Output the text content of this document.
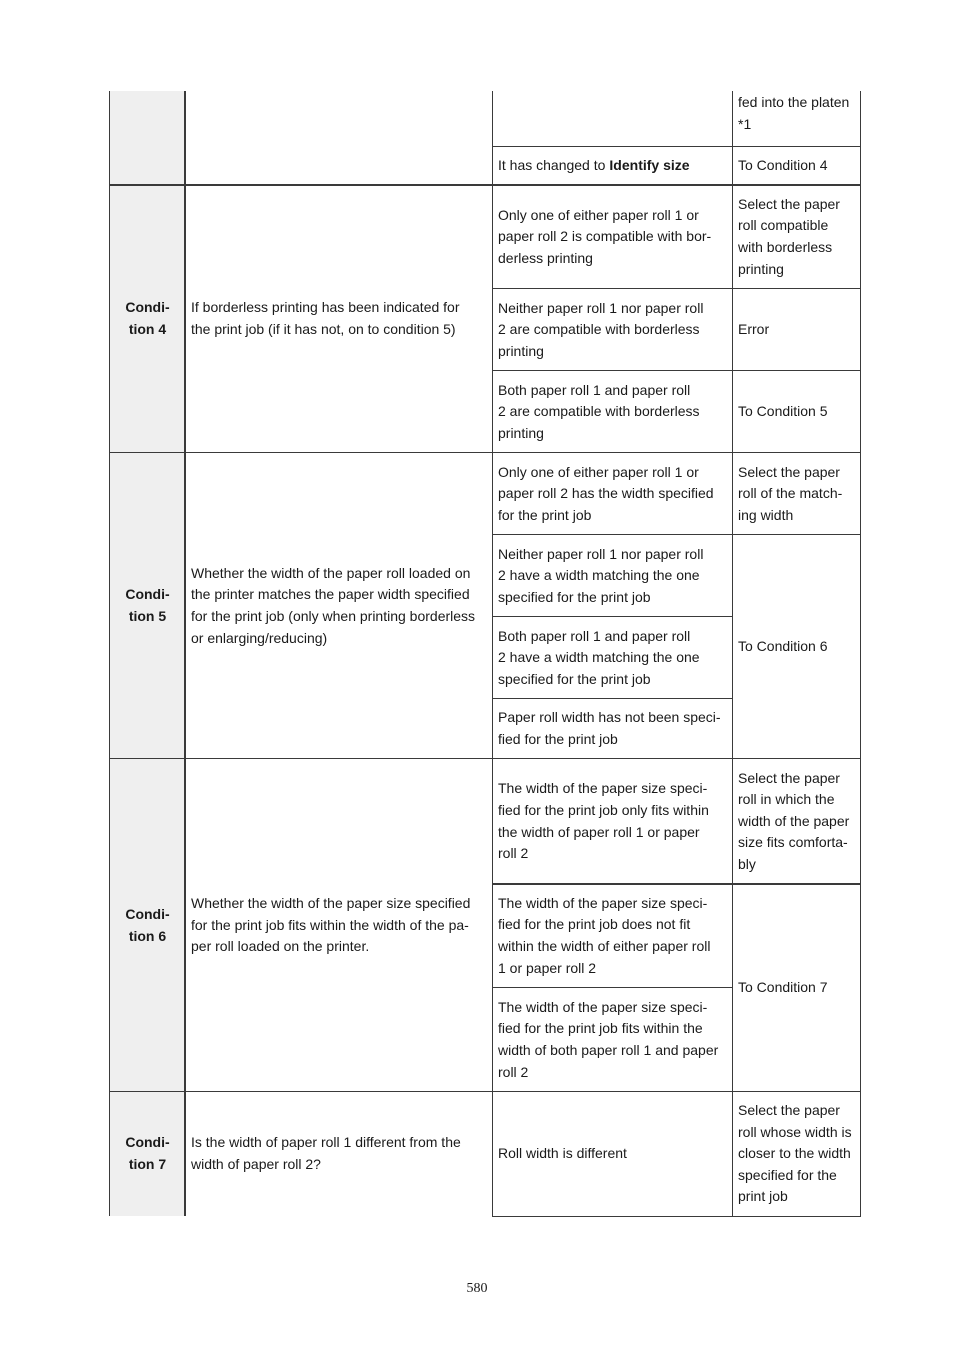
Condi-
tion 4
Condi-
tion 5
Condi-
tion 6
Condi-
tion 7
fed into the platen
*1
It has changed to Identify size	To Condition 4
If borderless printing has been indicated for
the print job (if it has not, on to condition 5)
Only one of either paper roll 1 or
paper roll 2 is compatible with bor-
derless printing
Select the paper
roll compatible
with borderless
printing
Neither paper roll 1 nor paper roll
2 are compatible with borderless
printing
Error
Both paper roll 1 and paper roll
2 are compatible with borderless
printing
To Condition 5
Whether the width of the paper roll loaded on
the printer matches the paper width specified
for the print job (only when printing borderless
or enlarging/reducing)
Only one of either paper roll 1 or
paper roll 2 has the width specified
for the print job
Select the paper
roll of the match-
ing width
Neither paper roll 1 nor paper roll
2 have a width matching the one
specified for the print job
Both paper roll 1 and paper roll
2 have a width matching the one
specified for the print job
Paper roll width has not been speci-
fied for the print job
To Condition 6
Whether the width of the paper size specified
for the print job fits within the width of the pa-
per roll loaded on the printer.
The width of the paper size speci-
fied for the print job only fits within
the width of paper roll 1 or paper
roll 2
Select the paper
roll in which the
width of the paper
size fits comforta-
bly
The width of the paper size speci-
fied for the print job does not fit
within the width of either paper roll
1 or paper roll 2
The width of the paper size speci-
fied for the print job fits within the
width of both paper roll 1 and paper
roll 2
To Condition 7
Is the width of paper roll 1 different from the
width of paper roll 2?
Roll width is different
Select the paper
roll whose width is
closer to the width
specified for the
print job
580
